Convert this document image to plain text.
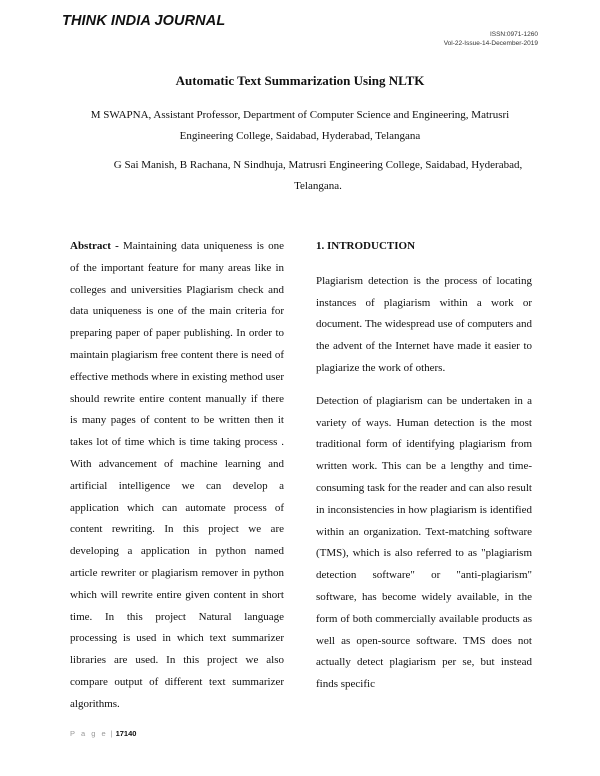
THINK INDIA JOURNAL
ISSN:0971-1260
Vol-22-Issue-14-December-2019
Automatic Text Summarization Using NLTK

M SWAPNA, Assistant Professor, Department of Computer Science and Engineering, Matrusri Engineering College, Saidabad, Hyderabad, Telangana

G Sai Manish, B Rachana, N Sindhuja, Matrusri Engineering College, Saidabad, Hyderabad, Telangana.

Abstract - Maintaining data uniqueness is one of the important feature for many areas like in colleges and universities Plagiarism check and data uniqueness is one of the main criteria for preparing paper of paper publishing. In order to maintain plagiarism free content there is need of effective methods where in existing method user should rewrite entire content manually if there is many pages of content to be written then it takes lot of time which is time taking process . With advancement of machine learning and artificial intelligence we can develop a application which can automate process of content rewriting. In this project we are developing a application in python named article rewriter or plagiarism remover in python which will rewrite entire given content in short time. In this project Natural language processing is used in which text summarizer libraries are used. In this project we also compare output of different text summarizer algorithms.

1. INTRODUCTION

Plagiarism detection is the process of locating instances of plagiarism within a work or document. The widespread use of computers and the advent of the Internet have made it easier to plagiarize the work of others.

Detection of plagiarism can be undertaken in a variety of ways. Human detection is the most traditional form of identifying plagiarism from written work. This can be a lengthy and time-consuming task for the reader and can also result in inconsistencies in how plagiarism is identified within an organization. Text-matching software (TMS), which is also referred to as "plagiarism detection software" or "anti-plagiarism" software, has become widely available, in the form of both commercially available products as well as open-source software. TMS does not actually detect plagiarism per se, but instead finds specific

P a g e | 17140
